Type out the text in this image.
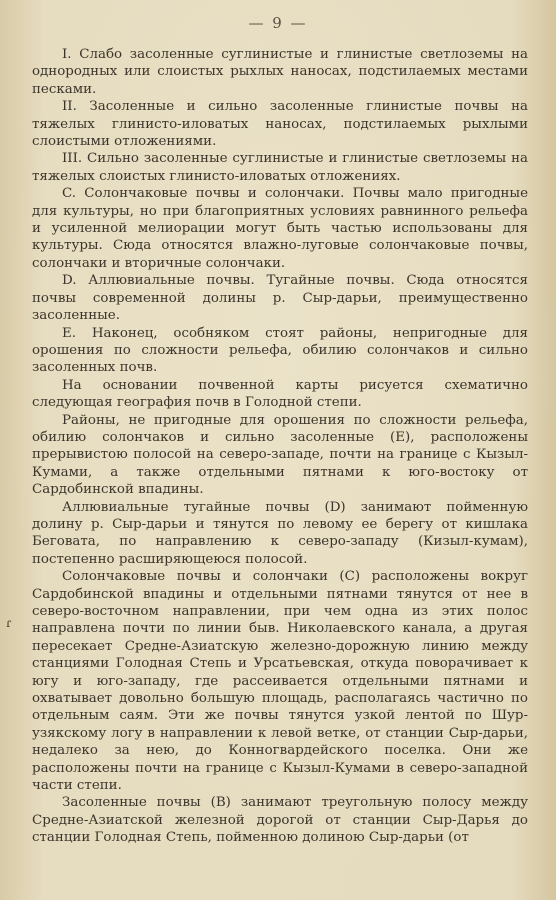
— 9 —
ɾ

I. Слабо засоленные суглинистые и глинистые светлоземы на однородных или слоистых рыхлых наносах, подстилаемых местами песками.

II. Засоленные и сильно засоленные глинистые почвы на тяжелых глинисто-иловатых наносах, подстилаемых рыхлыми слоистыми отложениями.

III. Сильно засоленные суглинистые и глинистые светлоземы на тяжелых слоистых глинисто-иловатых отложениях.

C. Солончаковые почвы и солончаки. Почвы мало пригодные для культуры, но при благоприятных условиях равнинного рельефа и усиленной мелиорации могут быть частью использованы для культуры. Сюда относятся влажно-луговые солончаковые почвы, солончаки и вторичные солончаки.

D. Аллювиальные почвы. Тугайные почвы. Сюда относятся почвы современной долины р. Сыр-дарьи, преимущественно засоленные.

E. Наконец, особняком стоят районы, непригодные для орошения по сложности рельефа, обилию солончаков и сильно засоленных почв.

На основании почвенной карты рисуется схематично следующая география почв в Голодной степи.

Районы, не пригодные для орошения по сложности рельефа, обилию солончаков и сильно засоленные (E), расположены прерывистою полосой на северо-западе, почти на границе с Кызыл-Кумами, а также отдельными пятнами к юго-востоку от Сардобинской впадины.

Аллювиальные тугайные почвы (D) занимают пойменную долину р. Сыр-дарьи и тянутся по левому ее берегу от кишлака Беговата, по направлению к северо-западу (Кизыл-кумам), постепенно расширяющеюся полосой.

Солончаковые почвы и солончаки (C) расположены вокруг Сардобинской впадины и отдельными пятнами тянутся от нее в северо-восточном направлении, при чем одна из этих полос направлена почти по линии быв. Николаевского канала, а другая пересекает Средне-Азиатскую железно-дорожную линию между станциями Голодная Степь и Урсатьевская, откуда поворачивает к югу и юго-западу, где рассеивается отдельными пятнами и охватывает довольно большую площадь, располагаясь частично по отдельным саям. Эти же почвы тянутся узкой лентой по Шур-узякскому логу в направлении к левой ветке, от станции Сыр-дарьи, недалеко за нею, до Конногвардейского поселка. Они же расположены почти на границе с Кызыл-Кумами в северо-западной части степи.

Засоленные почвы (B) занимают треугольную полосу между Средне-Азиатской железной дорогой от станции Сыр-Дарья до станции Голодная Степь, пойменною долиною Сыр-дарьи (от
